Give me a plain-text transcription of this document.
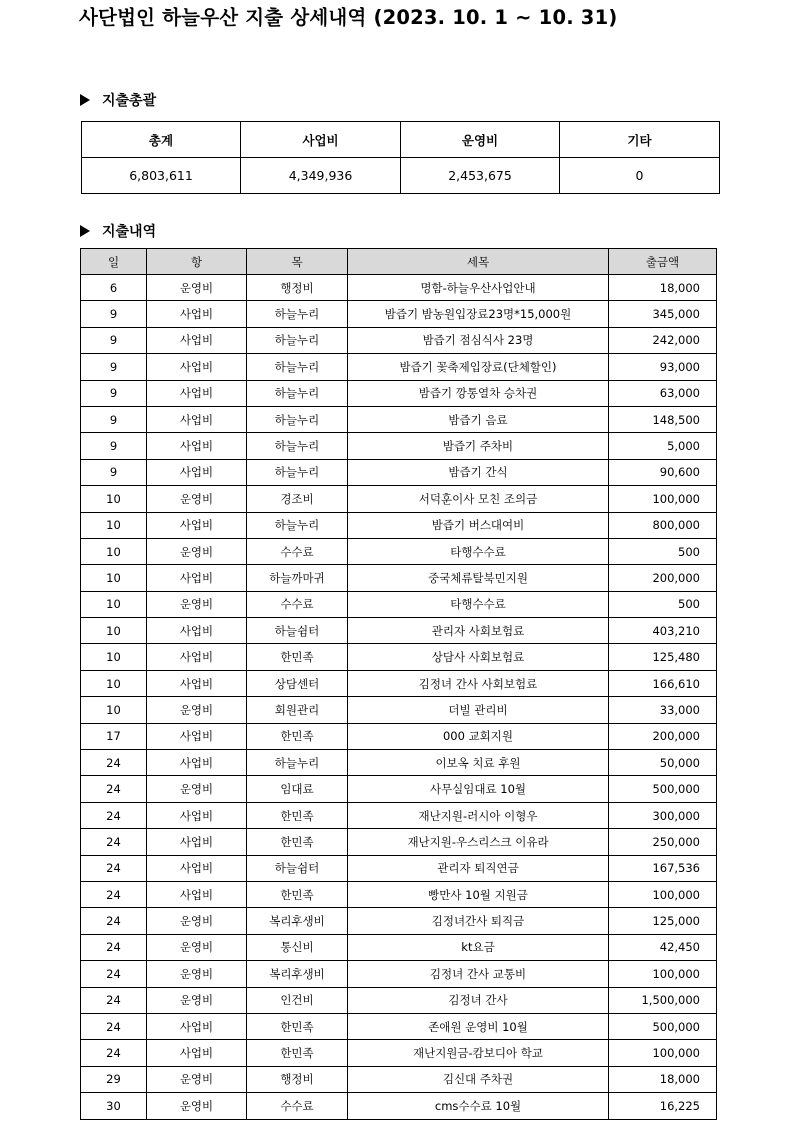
사단법인 하늘우산 지출 상세내역 (2023. 10. 1 ~ 10. 31)
지출총괄
총계	사업비	운영비	기타
6,803,611	4,349,936	2,453,675	0
지출내역
일	항	목	세목	출금액
6	운영비	행정비	명함-하늘우산사업안내	18,000
9	사업비	하늘누리	밤즙기 밤농원입장료23명*15,000원	345,000
9	사업비	하늘누리	밤즙기 점심식사 23명	242,000
9	사업비	하늘누리	밤즙기 꽃축제입장료(단체할인)	93,000
9	사업비	하늘누리	밤즙기 깡통열차 승차권	63,000
9	사업비	하늘누리	밤즙기 음료	148,500
9	사업비	하늘누리	밤즙기 주차비	5,000
9	사업비	하늘누리	밤즙기 간식	90,600
10	운영비	경조비	서덕훈이사 모친 조의금	100,000
10	사업비	하늘누리	밤즙기 버스대여비	800,000
10	운영비	수수료	타행수수료	500
10	사업비	하늘까마귀	중국체류탈북민지원	200,000
10	운영비	수수료	타행수수료	500
10	사업비	하늘쉼터	관리자 사회보험료	403,210
10	사업비	한민족	상담사 사회보험료	125,480
10	사업비	상담센터	김정녀 간사 사회보험료	166,610
10	운영비	회원관리	더빌 관리비	33,000
17	사업비	한민족	000 교회지원	200,000
24	사업비	하늘누리	이보옥 치료 후원	50,000
24	운영비	임대료	사무실임대료 10월	500,000
24	사업비	한민족	재난지원-러시아 이형우	300,000
24	사업비	한민족	재난지원-우스리스크 이유라	250,000
24	사업비	하늘쉼터	관리자 퇴직연금	167,536
24	사업비	한민족	빵만사 10월 지원금	100,000
24	운영비	복리후생비	김정녀간사 퇴직금	125,000
24	운영비	통신비	kt요금	42,450
24	운영비	복리후생비	김정녀 간사 교통비	100,000
24	운영비	인건비	김정녀 간사	1,500,000
24	사업비	한민족	존애원 운영비 10월	500,000
24	사업비	한민족	재난지원금-캄보디아 학교	100,000
29	운영비	행정비	김신대 주차권	18,000
30	운영비	수수료	cms수수료 10월	16,225
